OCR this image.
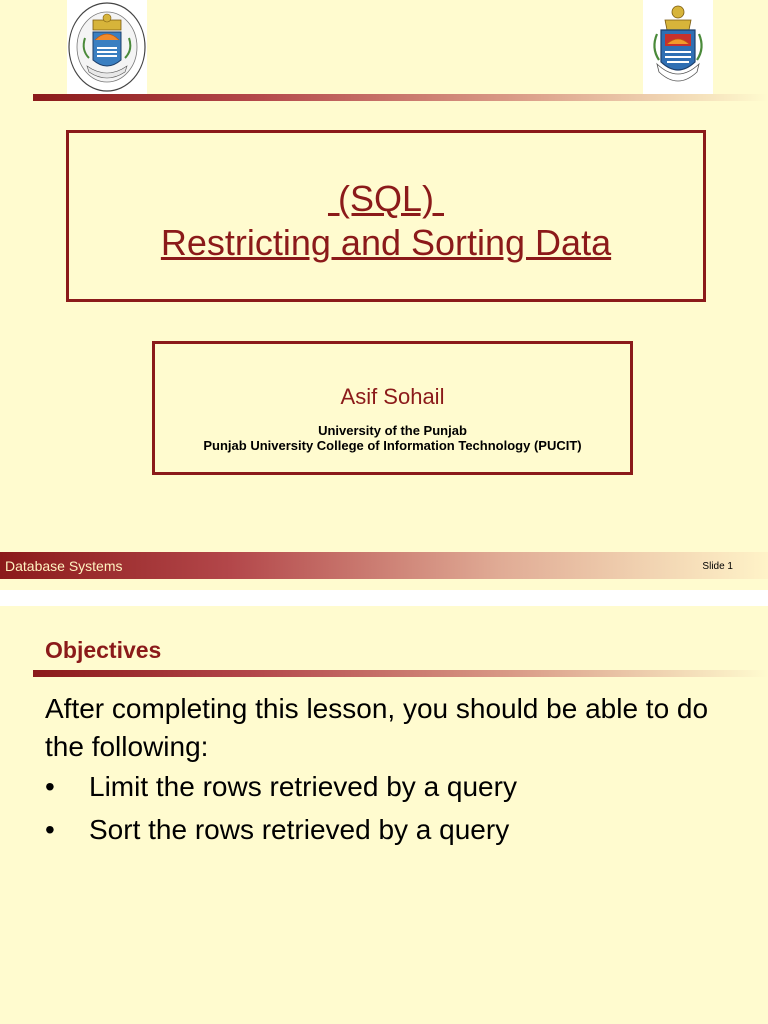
(SQL)
Restricting and Sorting Data
Asif Sohail
University of the Punjab
Punjab University College of Information Technology (PUCIT)
Database Systems	Slide 1
Objectives
After completing this lesson, you should be able to do the following:
• Limit the rows retrieved by a query
• Sort the rows retrieved by a query
